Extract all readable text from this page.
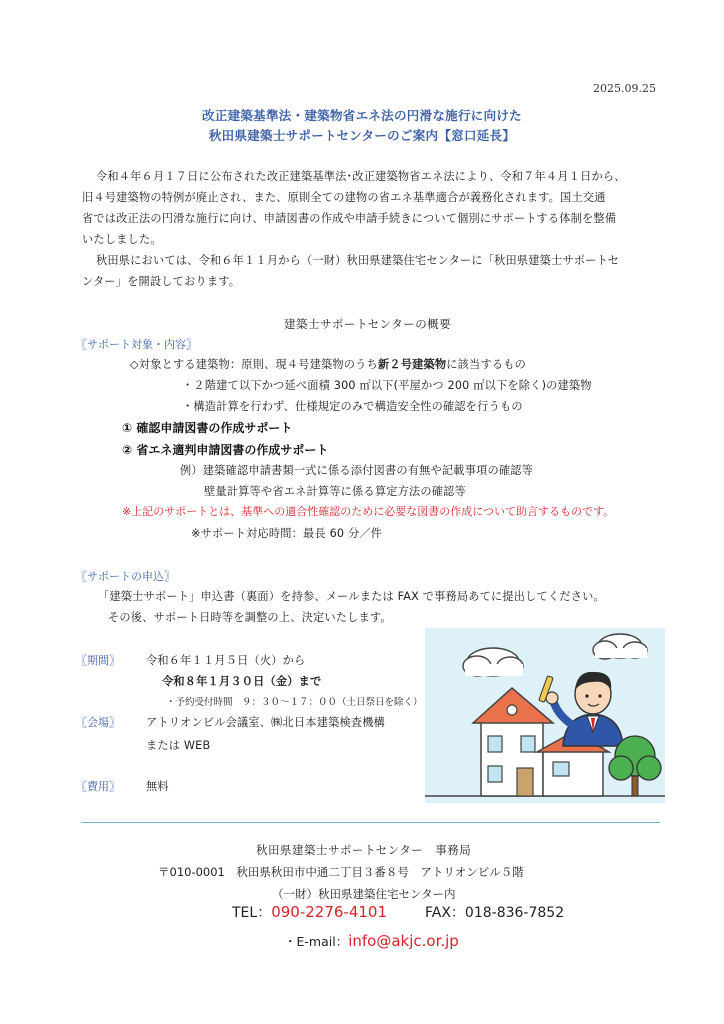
2025.09.25
改正建築基準法・建築物省エネ法の円滑な施行に向けた
秋田県建築士サポートセンターのご案内【窓口延長】
令和４年６月１７日に公布された改正建築基準法･改正建築物省エネ法により、令和７年４月１日から、
旧４号建築物の特例が廃止され、また、原則全ての建物の省エネ基準適合が義務化されます。国土交通
省では改正法の円滑な施行に向け、申請図書の作成や申請手続きについて個別にサポートする体制を整備
いたしました。
秋田県においては、令和６年１１月から（一財）秋田県建築住宅センターに「秋田県建築士サポートセ
ンター」を開設しております。
建築士サポートセンターの概要
〖サポート対象・内容〗
◇対象とする建築物：原則、現４号建築物のうち新２号建築物に該当するもの
・２階建て以下かつ延べ面積 300 ㎡以下(平屋かつ 200 ㎡以下を除く)の建築物
・構造計算を行わず、仕様規定のみで構造安全性の確認を行うもの
① 確認申請図書の作成サポート
② 省エネ適判申請図書の作成サポート
例）建築確認申請書類一式に係る添付図書の有無や記載事項の確認等
壁量計算等や省エネ計算等に係る算定方法の確認等
※上記のサポートとは、基準への適合性確認のために必要な図書の作成について助言するものです。
※サポート対応時間：最長 60 分／件
〖サポートの申込〗
「建築士サポート」申込書（裏面）を持参、メールまたは FAX で事務局あてに提出してください。
その後、サポート日時等を調整の上、決定いたします。
〖期間〗 令和６年１１月５日（火）から
令和８年１月３０日（金）まで
・予約受付時間　９：３０～１７：００（土日祭日を除く）
〖会場〗 アトリオンビル会議室、㈱北日本建築検査機構
または WEB
〖費用〗 無料
秋田県建築士サポートセンター　事務局
〒010-0001　秋田県秋田市中通二丁目３番８号　アトリオンビル５階
（一財）秋田県建築住宅センター内
TEL：090-2276-4101	FAX：018-836-7852
・E-mail：info@akjc.or.jp
